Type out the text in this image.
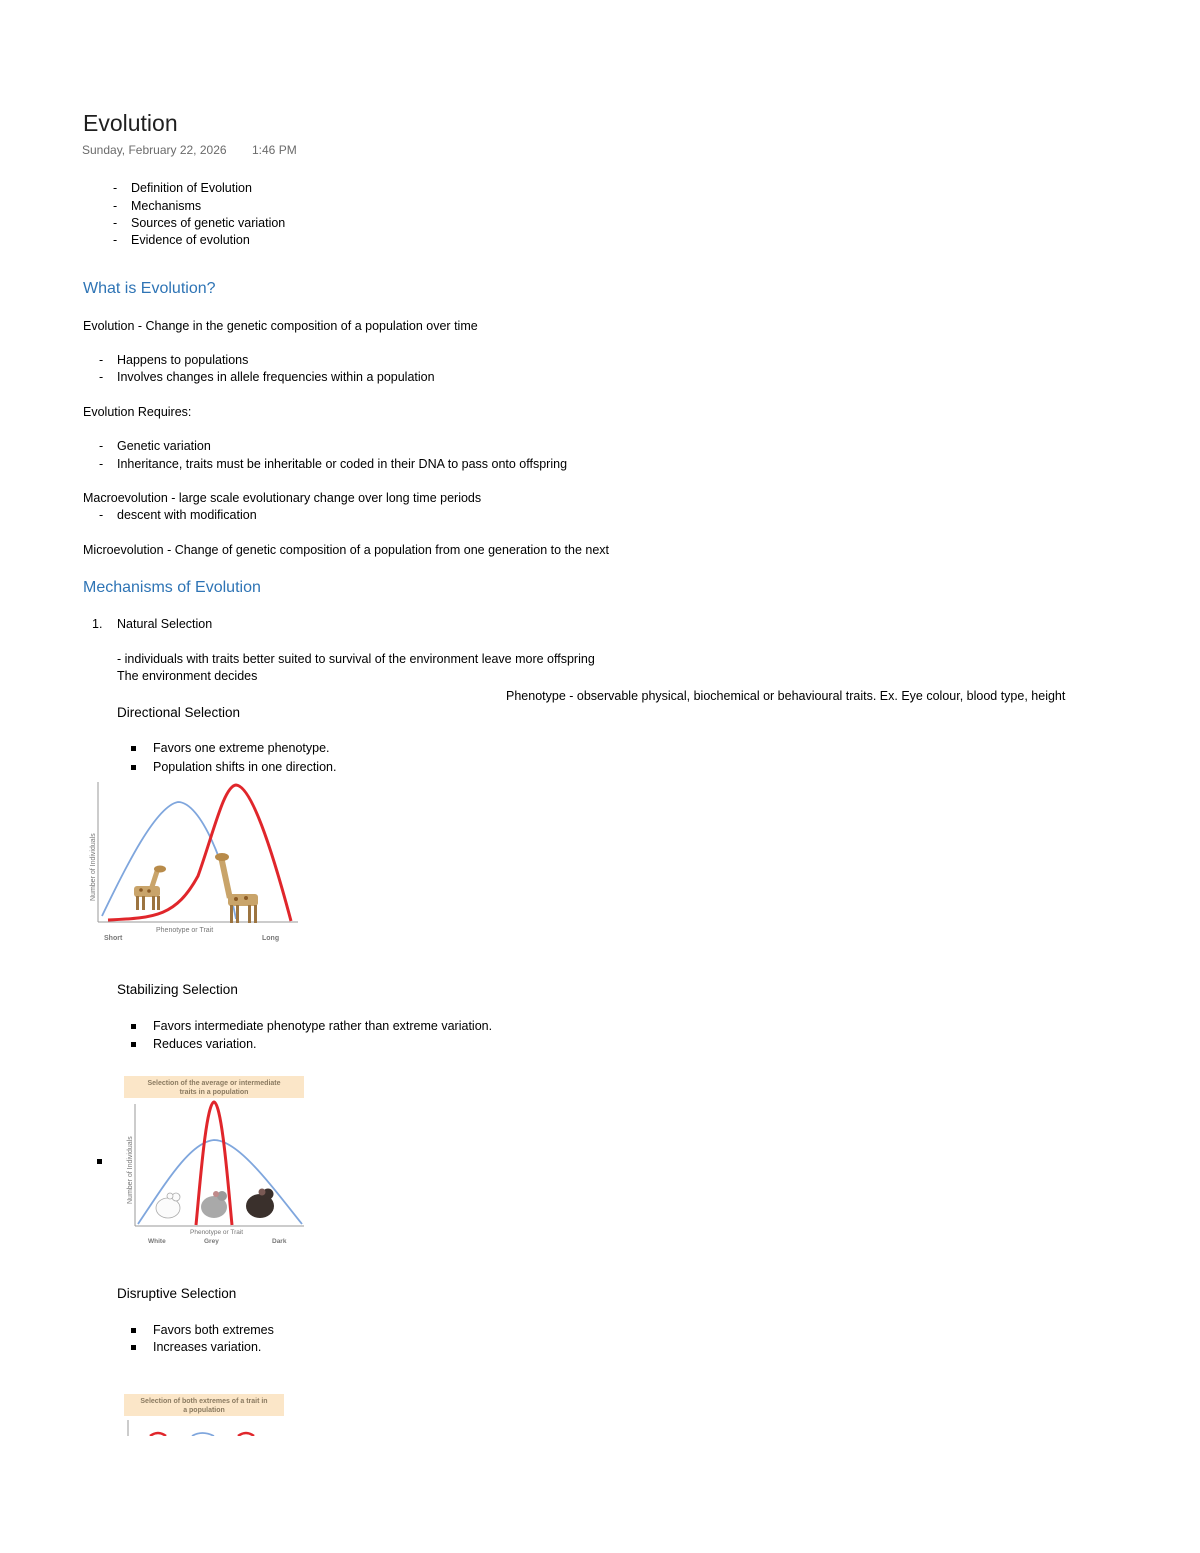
Evolution
Sunday, February 22, 2026 1:46 PM
- Definition of Evolution
- Mechanisms
- Sources of genetic variation
- Evidence of evolution
What is Evolution?
Evolution - Change in the genetic composition of a population over time
- Happens to populations
- Involves changes in allele frequencies within a population
Evolution Requires:
- Genetic variation
- Inheritance, traits must be inheritable or coded in their DNA to pass onto offspring
Macroevolution - large scale evolutionary change over long time periods
- descent with modification
Microevolution - Change of genetic composition of a population from one generation to the next
Mechanisms of Evolution
1. Natural Selection
- individuals with traits better suited to survival of the environment leave more offspring
The environment decides
Phenotype - observable physical, biochemical or behavioural traits. Ex. Eye colour, blood type, height
Directional Selection
Favors one extreme phenotype.
Population shifts in one direction.
Number of Individuals
Phenotype or Trait
Short	Long
Stabilizing Selection
Favors intermediate phenotype rather than extreme variation.
Reduces variation.
Selection of the average or intermediate
traits in a population
Number of Individuals
Phenotype or Trait
White	Grey	Dark
Disruptive Selection
Favors both extremes
Increases variation.
Selection of both extremes of a trait in
a population
